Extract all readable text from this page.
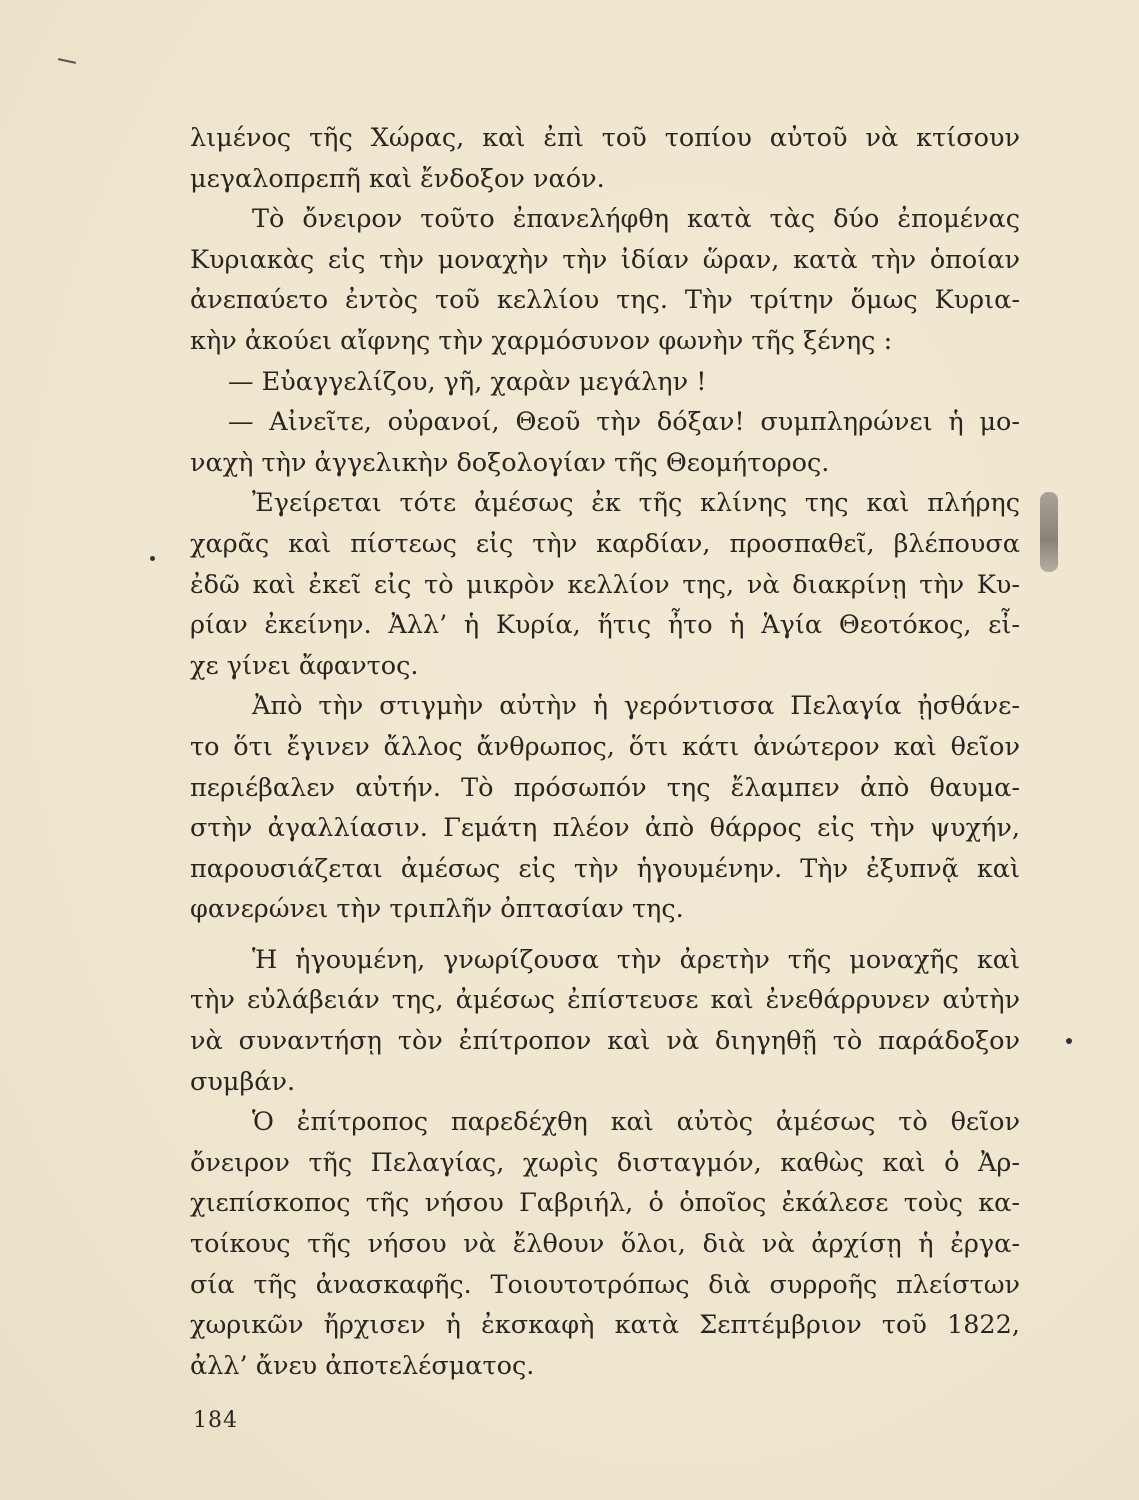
λιμένος τῆς Χώρας, καὶ ἐπὶ τοῦ τοπίου αὐτοῦ νὰ κτίσουν
μεγαλοπρεπῆ καὶ ἔνδοξον ναόν.
Τὸ ὄνειρον τοῦτο ἐπανελήφθη κατὰ τὰς δύο ἐπομένας
Κυριακὰς εἰς τὴν μοναχὴν τὴν ἰδίαν ὥραν, κατὰ τὴν ὁποίαν
ἀνεπαύετο ἐντὸς τοῦ κελλίου της. Τὴν τρίτην ὅμως Κυρια-
κὴν ἀκούει αἴφνης τὴν χαρμόσυνον φωνὴν τῆς ξένης :
— Εὐαγγελίζου, γῆ, χαρὰν μεγάλην !
— Αἰνεῖτε, οὐρανοί, Θεοῦ τὴν δόξαν! συμπληρώνει ἡ μο-
ναχὴ τὴν ἀγγελικὴν δοξολογίαν τῆς Θεομήτορος.
Ἐγείρεται τότε ἀμέσως ἐκ τῆς κλίνης της καὶ πλήρης
χαρᾶς καὶ πίστεως εἰς τὴν καρδίαν, προσπαθεῖ, βλέπουσα
ἐδῶ καὶ ἐκεῖ εἰς τὸ μικρὸν κελλίον της, νὰ διακρίνῃ τὴν Κυ-
ρίαν ἐκείνην. Ἀλλ’ ἡ Κυρία, ἥτις ἦτο ἡ Ἁγία Θεοτόκος, εἶ-
χε γίνει ἄφαντος.
Ἀπὸ τὴν στιγμὴν αὐτὴν ἡ γερόντισσα Πελαγία ᾐσθάνε-
το ὅτι ἔγινεν ἄλλος ἄνθρωπος, ὅτι κάτι ἀνώτερον καὶ θεῖον
περιέβαλεν αὐτήν. Τὸ πρόσωπόν της ἔλαμπεν ἀπὸ θαυμα-
στὴν ἀγαλλίασιν. Γεμάτη πλέον ἀπὸ θάρρος εἰς τὴν ψυχήν,
παρουσιάζεται ἀμέσως εἰς τὴν ἡγουμένην. Τὴν ἐξυπνᾷ καὶ
φανερώνει τὴν τριπλῆν ὀπτασίαν της.
Ἡ ἡγουμένη, γνωρίζουσα τὴν ἀρετὴν τῆς μοναχῆς καὶ
τὴν εὐλάβειάν της, ἀμέσως ἐπίστευσε καὶ ἐνεθάρρυνεν αὐτὴν
νὰ συναντήσῃ τὸν ἐπίτροπον καὶ νὰ διηγηθῇ τὸ παράδοξον
συμβάν.
Ὁ ἐπίτροπος παρεδέχθη καὶ αὐτὸς ἀμέσως τὸ θεῖον
ὄνειρον τῆς Πελαγίας, χωρὶς δισταγμόν, καθὼς καὶ ὁ Ἀρ-
χιεπίσκοπος τῆς νήσου Γαβριήλ, ὁ ὁποῖος ἐκάλεσε τοὺς κα-
τοίκους τῆς νήσου νὰ ἔλθουν ὅλοι, διὰ νὰ ἀρχίσῃ ἡ ἐργα-
σία τῆς ἀνασκαφῆς. Τοιουτοτρόπως διὰ συρροῆς πλείστων
χωρικῶν ἤρχισεν ἡ ἐκσκαφὴ κατὰ Σεπτέμβριον τοῦ 1822,
ἀλλ’ ἄνευ ἀποτελέσματος.
184
